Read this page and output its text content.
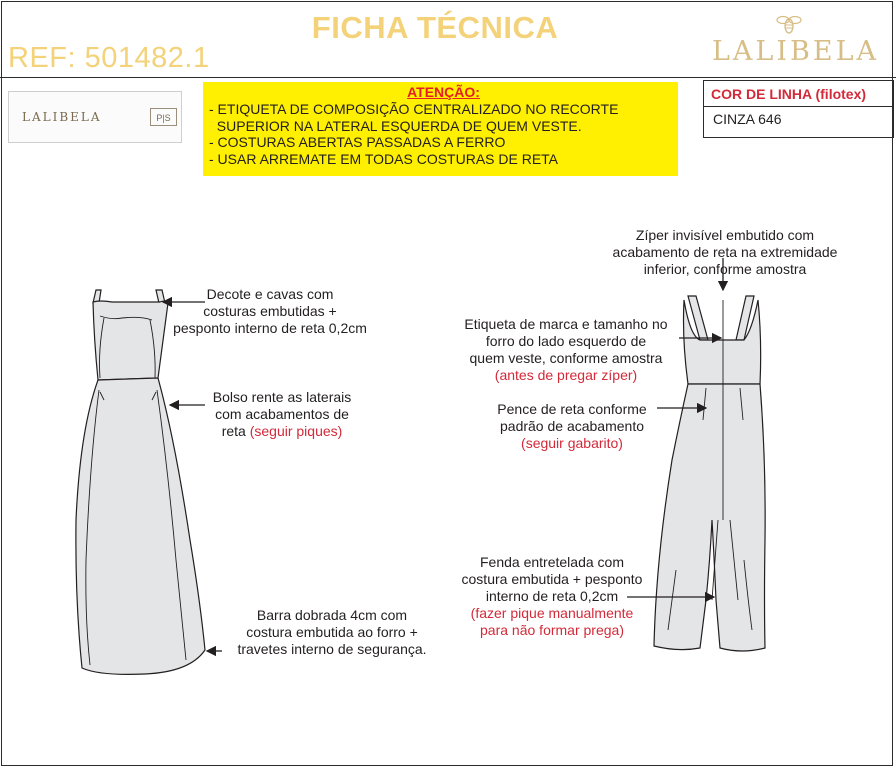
FICHA TÉCNICA
REF: 501482.1	LALIBELA
LALIBELA	P|S
ATENÇÃO:
- ETIQUETA DE COMPOSIÇÃO CENTRALIZADO NO RECORTE
SUPERIOR NA LATERAL ESQUERDA DE QUEM VESTE.
- COSTURAS ABERTAS PASSADAS A FERRO
- USAR ARREMATE EM TODAS COSTURAS DE RETA
COR DE LINHA (filotex)
CINZA 646
Decote e cavas com
costuras embutidas +
pesponto interno de reta 0,2cm
Bolso rente as laterais
com acabamentos de
reta (seguir piques)
Barra dobrada 4cm com
costura embutida ao forro +
travetes interno de segurança.
Zíper invisível embutido com
acabamento de reta na extremidade
inferior, conforme amostra
Etiqueta de marca e tamanho no
forro do lado esquerdo de
quem veste, conforme amostra
(antes de pregar zíper)
Pence de reta conforme
padrão de acabamento
(seguir gabarito)
Fenda entretelada com
costura embutida + pesponto
interno de reta 0,2cm
(fazer pique manualmente
para não formar prega)
